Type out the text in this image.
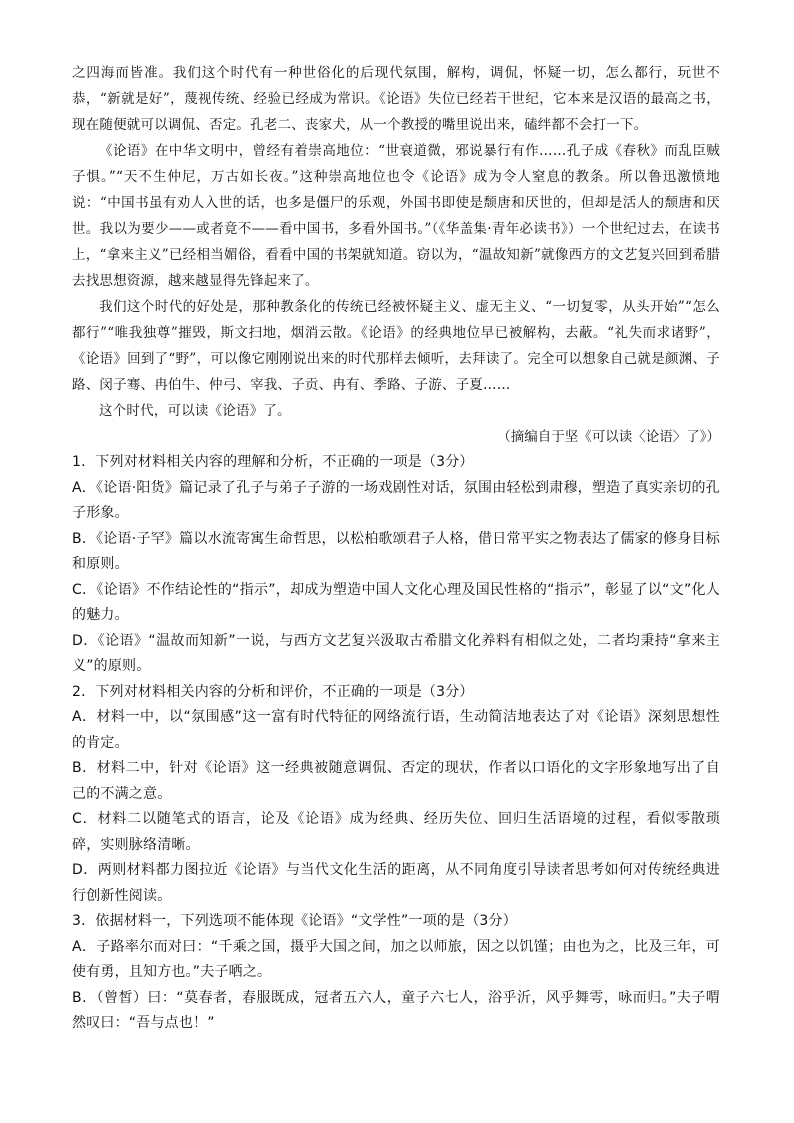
之四海而皆准。我们这个时代有一种世俗化的后现代氛围，解构，调侃，怀疑一切，怎么都行，玩世不恭，“新就是好”，蔑视传统、经验已经成为常识。《论语》失位已经若干世纪，它本来是汉语的最高之书，现在随便就可以调侃、否定。孔老二、丧家犬，从一个教授的嘴里说出来，磕绊都不会打一下。

《论语》在中华文明中，曾经有着崇高地位：“世衰道微，邪说暴行有作……孔子成《春秋》而乱臣贼子惧。”“天不生仲尼，万古如长夜。”这种崇高地位也令《论语》成为令人窒息的教条。所以鲁迅激愤地说：“中国书虽有劝人入世的话，也多是僵尸的乐观，外国书即使是颓唐和厌世的，但却是活人的颓唐和厌世。我以为要少——或者竟不——看中国书，多看外国书。”（《华盖集·青年必读书》）一个世纪过去，在读书上，“拿来主义”已经相当媚俗，看看中国的书架就知道。窃以为，“温故知新”就像西方的文艺复兴回到希腊去找思想资源，越来越显得先锋起来了。

我们这个时代的好处是，那种教条化的传统已经被怀疑主义、虚无主义、“一切复零，从头开始”“怎么都行”“唯我独尊”摧毁，斯文扫地，烟消云散。《论语》的经典地位早已被解构，去蔽。“礼失而求诸野”，《论语》回到了“野”，可以像它刚刚说出来的时代那样去倾听，去拜读了。完全可以想象自己就是颜渊、子路、闵子骞、冉伯牛、仲弓、宰我、子贡、冉有、季路、子游、子夏……

这个时代，可以读《论语》了。

（摘编自于坚《可以读〈论语〉了》）

1．下列对材料相关内容的理解和分析，不正确的一项是（3分）

A．《论语·阳货》篇记录了孔子与弟子子游的一场戏剧性对话，氛围由轻松到肃穆，塑造了真实亲切的孔子形象。

B．《论语·子罕》篇以水流寄寓生命哲思，以松柏歌颂君子人格，借日常平实之物表达了儒家的修身目标和原则。

C．《论语》不作结论性的“指示”，却成为塑造中国人文化心理及国民性格的“指示”，彰显了以“文”化人的魅力。

D．《论语》“温故而知新”一说，与西方文艺复兴汲取古希腊文化养料有相似之处，二者均秉持“拿来主义”的原则。

2．下列对材料相关内容的分析和评价，不正确的一项是（3分）

A．材料一中，以“氛围感”这一富有时代特征的网络流行语，生动简洁地表达了对《论语》深刻思想性的肯定。

B．材料二中，针对《论语》这一经典被随意调侃、否定的现状，作者以口语化的文字形象地写出了自己的不满之意。

C．材料二以随笔式的语言，论及《论语》成为经典、经历失位、回归生活语境的过程，看似零散琐碎，实则脉络清晰。

D．两则材料都力图拉近《论语》与当代文化生活的距离，从不同角度引导读者思考如何对传统经典进行创新性阅读。

3．依据材料一，下列选项不能体现《论语》“文学性”一项的是（3分）

A．子路率尔而对曰：“千乘之国，摄乎大国之间，加之以师旅，因之以饥馑；由也为之，比及三年，可使有勇，且知方也。”夫子哂之。

B．（曾皙）曰：“莫春者，春服既成，冠者五六人，童子六七人，浴乎沂，风乎舞雩，咏而归。”夫子喟然叹曰：“吾与点也！”
